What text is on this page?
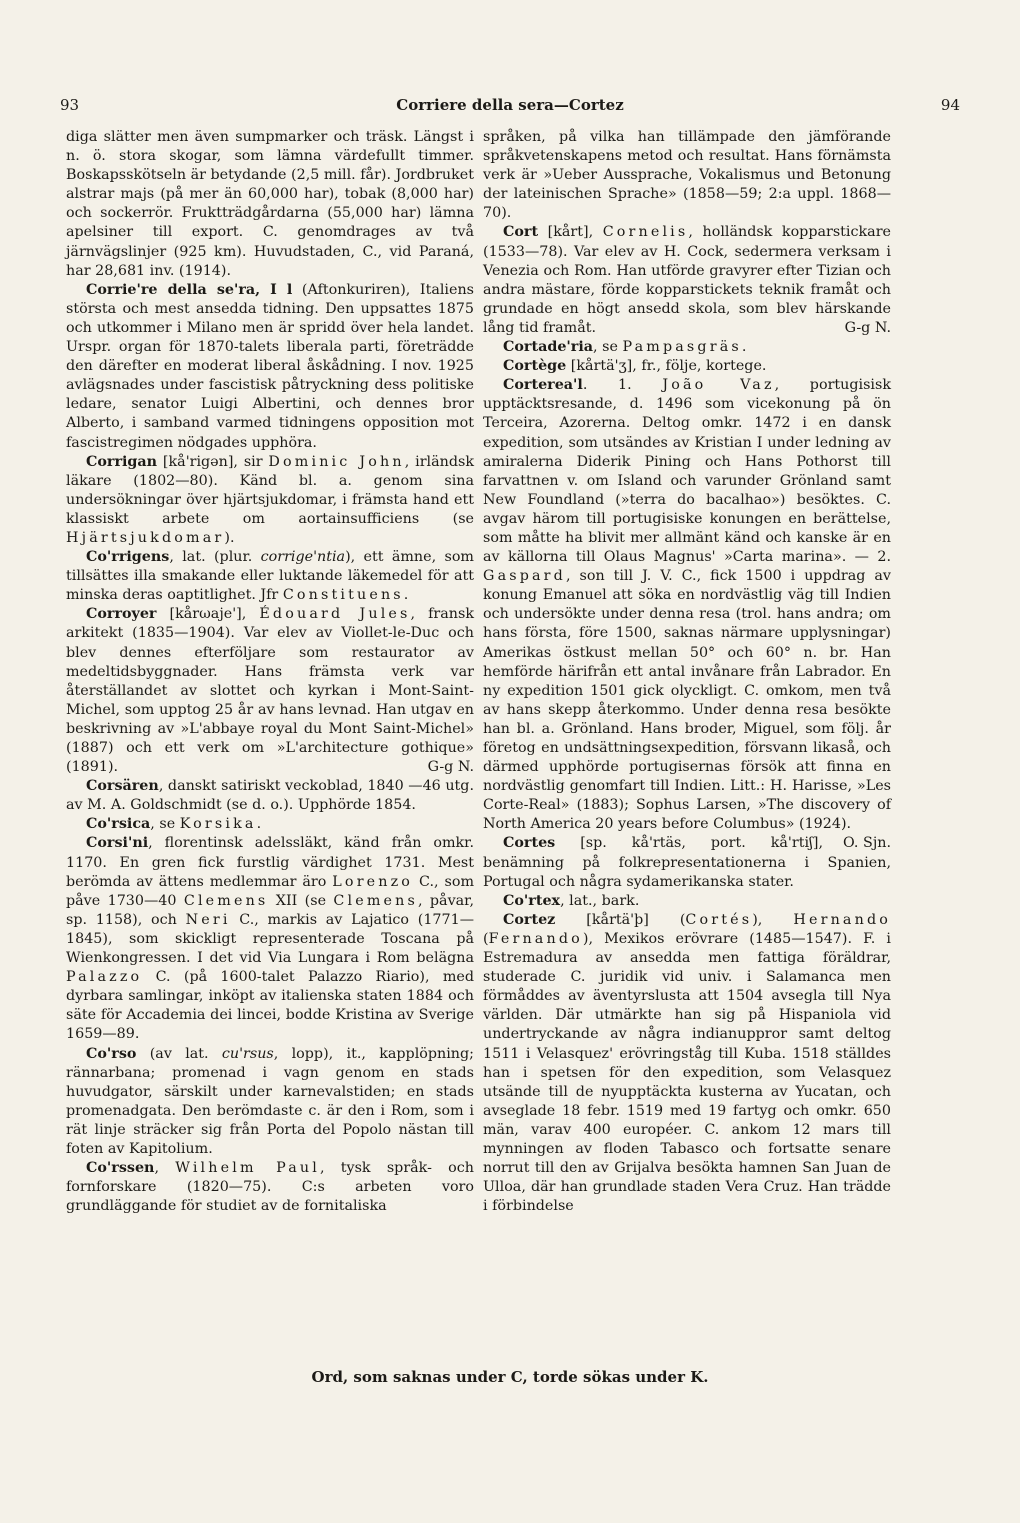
93	Corriere della sera—Cortez	94

diga slätter men även sumpmarker och träsk. Längst i n. ö. stora skogar, som lämna värdefullt timmer. Boskapsskötseln är betydande (2,5 mill. får). Jordbruket alstrar majs (på mer än 60,000 har), tobak (8,000 har) och sockerrör. Fruktträdgårdarna (55,000 har) lämna apelsiner till export. C. genomdrages av två järnvägslinjer (925 km). Huvudstaden, C., vid Paraná, har 28,681 inv. (1914).

Corrie're della se'ra, I l (Aftonkuriren), Italiens största och mest ansedda tidning. Den uppsattes 1875 och utkommer i Milano men är spridd över hela landet. Urspr. organ för 1870-talets liberala parti, företrädde den därefter en moderat liberal åskådning. I nov. 1925 avlägsnades under fascistisk påtryckning dess politiske ledare, senator Luigi Albertini, och dennes bror Alberto, i samband varmed tidningens opposition mot fascistregimen nödgades upphöra.

Corrigan [kå'rigən], sir Dominic John, irländsk läkare (1802—80). Känd bl. a. genom sina undersökningar över hjärtsjukdomar, i främsta hand ett klassiskt arbete om aortainsufficiens (se Hjärtsjukdomar).

Co'rrigens, lat. (plur. corrige'ntia), ett ämne, som tillsättes illa smakande eller luktande läkemedel för att minska deras oaptitlighet. Jfr Constituens.

Corroyer [kårωaje'], Édouard Jules, fransk arkitekt (1835—1904). Var elev av Viollet-le-Duc och blev dennes efterföljare som restaurator av medeltidsbyggnader. Hans främsta verk var återställandet av slottet och kyrkan i Mont-Saint-Michel, som upptog 25 år av hans levnad. Han utgav en beskrivning av »L'abbaye royal du Mont Saint-Michel» (1887) och ett verk om »L'architecture gothique» (1891).	G-g N.

Corsären, danskt satiriskt veckoblad, 1840 —46 utg. av M. A. Goldschmidt (se d. o.). Upphörde 1854.

Co'rsica, se Korsika.

Corsi'ni, florentinsk adelssläkt, känd från omkr. 1170. En gren fick furstlig värdighet 1731. Mest berömda av ättens medlemmar äro Lorenzo C., som påve 1730—40 Clemens XII (se Clemens, påvar, sp. 1158), och Neri C., markis av Lajatico (1771—1845), som skickligt representerade Toscana på Wienkongressen. I det vid Via Lungara i Rom belägna Palazzo C. (på 1600-talet Palazzo Riario), med dyrbara samlingar, inköpt av italienska staten 1884 och säte för Accademia dei lincei, bodde Kristina av Sverige 1659—89.

Co'rso (av lat. cu'rsus, lopp), it., kapplöpning; rännarbana; promenad i vagn genom en stads huvudgator, särskilt under karnevalstiden; en stads promenadgata. Den berömdaste c. är den i Rom, som i rät linje sträcker sig från Porta del Popolo nästan till foten av Kapitolium.

Co'rssen, Wilhelm Paul, tysk språk- och fornforskare (1820—75). C:s arbeten voro grundläggande för studiet av de fornitaliska

språken, på vilka han tillämpade den jämförande språkvetenskapens metod och resultat. Hans förnämsta verk är »Ueber Aussprache, Vokalismus und Betonung der lateinischen Sprache» (1858—59; 2:a uppl. 1868—70).

Cort [kårt], Cornelis, holländsk kopparstickare (1533—78). Var elev av H. Cock, sedermera verksam i Venezia och Rom. Han utförde gravyrer efter Tizian och andra mästare, förde kopparstickets teknik framåt och grundade en högt ansedd skola, som blev härskande lång tid framåt.	G-g N.

Cortade'ria, se Pampasgräs.

Cortège [kårtä'ʒ], fr., följe, kortege.

Corterea'l. 1. João Vaz, portugisisk upptäcktsresande, d. 1496 som vicekonung på ön Terceira, Azorerna. Deltog omkr. 1472 i en dansk expedition, som utsändes av Kristian I under ledning av amiralerna Diderik Pining och Hans Pothorst till farvattnen v. om Island och varunder Grönland samt New Foundland (»terra do bacalhao») besöktes. C. avgav härom till portugisiske konungen en berättelse, som måtte ha blivit mer allmänt känd och kanske är en av källorna till Olaus Magnus' »Carta marina». — 2. Gaspard, son till J. V. C., fick 1500 i uppdrag av konung Emanuel att söka en nordvästlig väg till Indien och undersökte under denna resa (trol. hans andra; om hans första, före 1500, saknas närmare upplysningar) Amerikas östkust mellan 50° och 60° n. br. Han hemförde härifrån ett antal invånare från Labrador. En ny expedition 1501 gick olyckligt. C. omkom, men två av hans skepp återkommo. Under denna resa besökte han bl. a. Grönland. Hans broder, Miguel, som följ. år företog en undsättningsexpedition, försvann likaså, och därmed upphörde portugisernas försök att finna en nordvästlig genomfart till Indien. Litt.: H. Harisse, »Les Corte-Real» (1883); Sophus Larsen, »The discovery of North America 20 years before Columbus» (1924).
O. Sjn.

Cortes [sp. kå'rtäs, port. kå'rtiʃ], benämning på folkrepresentationerna i Spanien, Portugal och några sydamerikanska stater.

Co'rtex, lat., bark.

Cortez [kårtä'þ] (Cortés), Hernando (Fernando), Mexikos erövrare (1485—1547). F. i Estremadura av ansedda men fattiga föräldrar, studerade C. juridik vid univ. i Salamanca men förmåddes av äventyrslusta att 1504 avsegla till Nya världen. Där utmärkte han sig på Hispaniola vid undertryckande av några indianuppror samt deltog 1511 i Velasquez' erövringståg till Kuba. 1518 ställdes han i spetsen för den expedition, som Velasquez utsände till de nyupptäckta kusterna av Yucatan, och avseglade 18 febr. 1519 med 19 fartyg och omkr. 650 män, varav 400 européer. C. ankom 12 mars till mynningen av floden Tabasco och fortsatte senare norrut till den av Grijalva besökta hamnen San Juan de Ulloa, där han grundlade staden Vera Cruz. Han trädde i förbindelse

Ord, som saknas under C, torde sökas under K.
